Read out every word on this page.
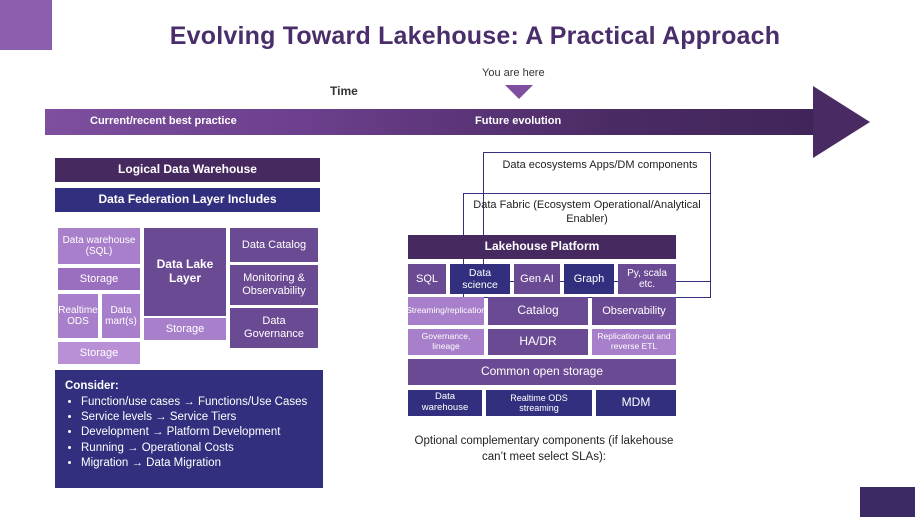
Evolving Toward Lakehouse: A Practical Approach
Time
You are here
Current/recent best practice	Future evolution
Logical Data Warehouse
Data Federation Layer Includes
Data warehouse (SQL)
Storage
Realtime ODS
Data mart(s)
Storage
Data Lake Layer
Storage
Data Catalog
Monitoring & Observability
Data Governance
Consider:
• Function/use cases → Functions/Use Cases
• Service levels → Service Tiers
• Development → Platform Development
• Running → Operational Costs
• Migration → Data Migration
Data ecosystems Apps/DM components
Data Fabric (Ecosystem Operational/Analytical Enabler)
Lakehouse Platform
SQL	Data science
Gen AI	Graph	Py, scala etc.
Streaming/replication	Catalog	Observability
Governance, lineage	HA/DR	Replication-out and reverse ETL
Common open storage
Data warehouse
Realtime ODS streaming	MDM
Optional complementary components (if lakehouse can’t meet select SLAs):
